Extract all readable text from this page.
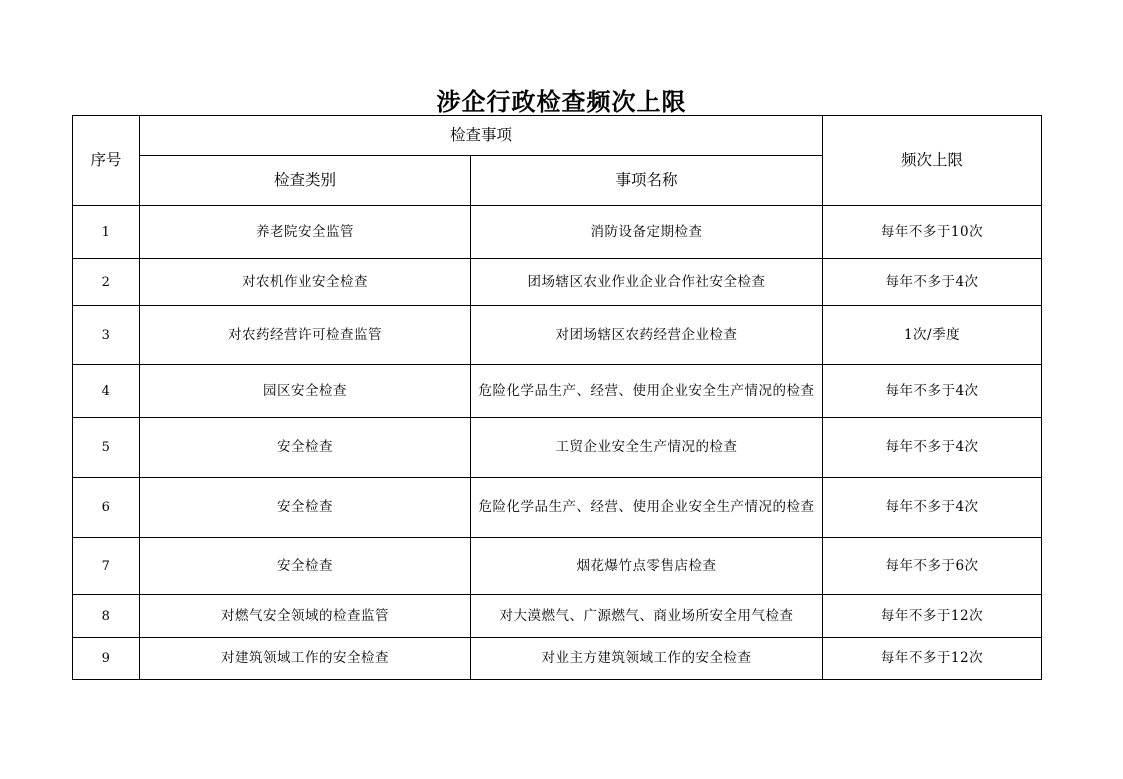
涉企行政检查频次上限
序号	检查事项		频次上限
	检查类别	事项名称	
1	养老院安全监管	消防设备定期检查	每年不多于10次
2	对农机作业安全检查	团场辖区农业作业企业合作社安全检查	每年不多于4次
3	对农药经营许可检查监管	对团场辖区农药经营企业检查	1次/季度
4	园区安全检查	危险化学品生产、经营、使用企业安全生产情况的检查	每年不多于4次
5	安全检查	工贸企业安全生产情况的检查	每年不多于4次
6	安全检查	危险化学品生产、经营、使用企业安全生产情况的检查	每年不多于4次
7	安全检查	烟花爆竹点零售店检查	每年不多于6次
8	对燃气安全领域的检查监管	对大漠燃气、广源燃气、商业场所安全用气检查	每年不多于12次
9	对建筑领域工作的安全检查	对业主方建筑领域工作的安全检查	每年不多于12次
